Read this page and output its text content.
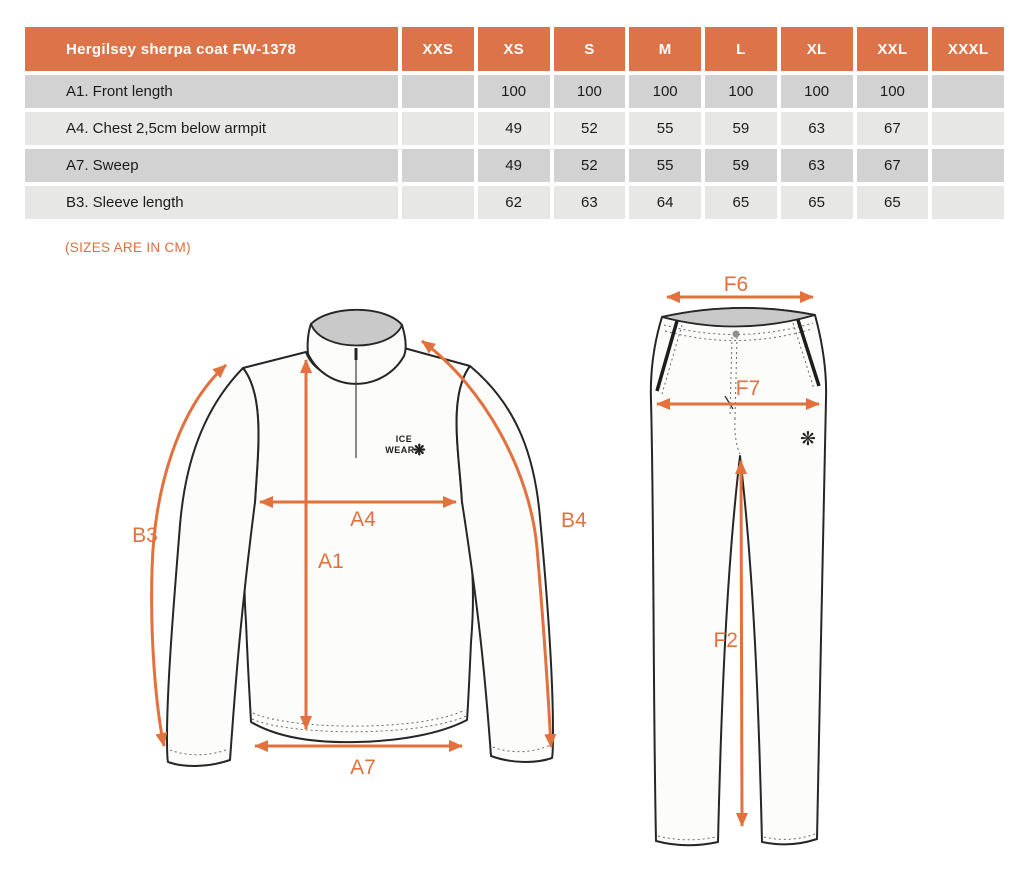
Hergilsey sherpa coat FW-1378	XXS	XS	S	M	L	XL	XXL	XXXL
A1. Front length		100	100	100	100	100	100	
A4. Chest 2,5cm below armpit		49	52	55	59	63	67	
A7. Sweep		49	52	55	59	63	67	
B3. Sleeve length		62	63	64	65	65	65	
(SIZES ARE IN CM)
ICE
WEAR
❋
B3
A4
A1
B4
A7
❋
F6
F7
F2
